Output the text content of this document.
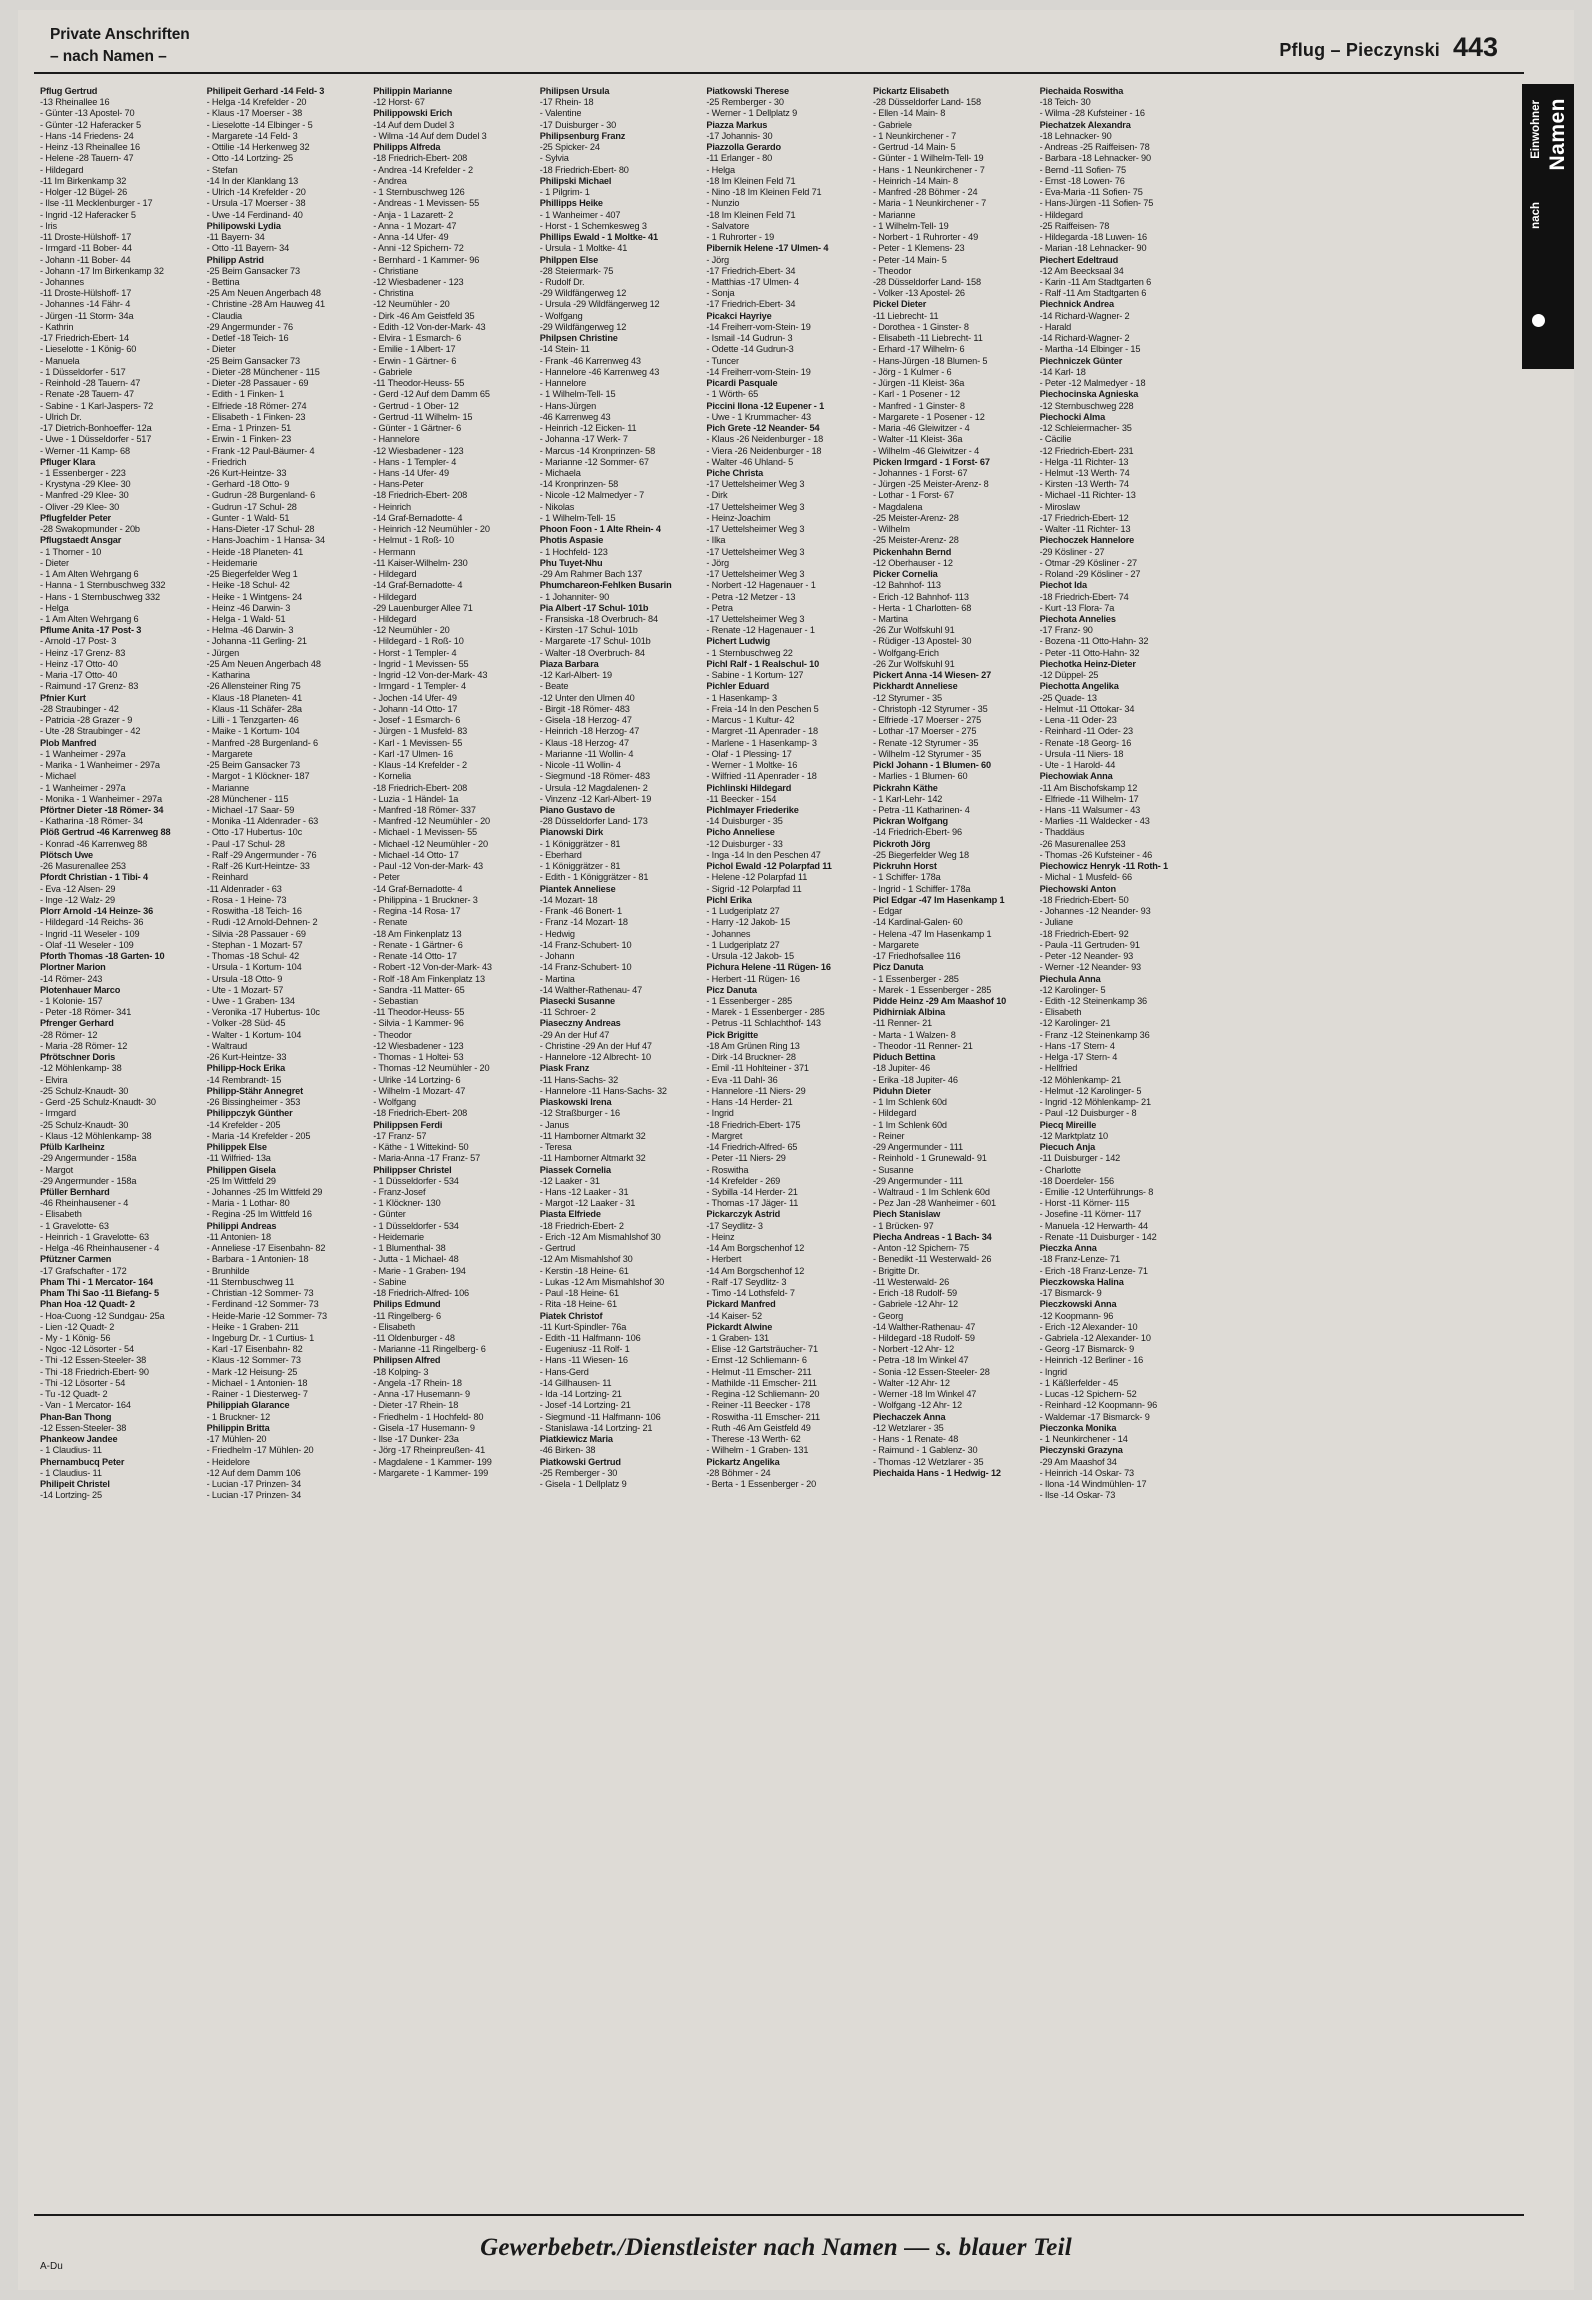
Private Anschriften
– nach Namen –	Pflug – Pieczynski 443
Einwohner
nach
Namen
Pflug Gertrud
-13 Rheinallee 16
- Günter -13 Apostel- 70
- Günter -12 Haferacker 5
- Hans -14 Friedens- 24
- Heinz -13 Rheinallee 16
- Helene -28 Tauern- 47
- Hildegard
-11 Im Birkenkamp 32
- Holger -12 Bügel- 26
- Ilse -11 Mecklenburger - 17
- Ingrid -12 Haferacker 5
- Iris
-11 Droste-Hülshoff- 17
- Irmgard -11 Bober- 44
- Johann -11 Bober- 44
- Johann -17 Im Birkenkamp 32
- Johannes
-11 Droste-Hülshoff- 17
- Johannes -14 Fähr- 4
- Jürgen -11 Storm- 34a
- Kathrin
-17 Friedrich-Ebert- 14
- Lieselotte - 1 König- 60
- Manuela
- 1 Düsseldorfer - 517
- Reinhold -28 Tauern- 47
- Renate -28 Tauern- 47
- Sabine - 1 Karl-Jaspers- 72
- Ulrich Dr.
-17 Dietrich-Bonhoeffer- 12a
- Uwe - 1 Düsseldorfer - 517
- Werner -11 Kamp- 68
Pfluger Klara
- 1 Essenberger - 223
- Krystyna -29 Klee- 30
- Manfred -29 Klee- 30
- Oliver -29 Klee- 30
Pflugfelder Peter
-28 Swakopmunder - 20b
Pflugstaedt Ansgar
- 1 Thorner - 10
- Dieter
- 1 Am Alten Wehrgang 6
- Hanna - 1 Sternbuschweg 332
- Hans - 1 Sternbuschweg 332
- Helga
- 1 Am Alten Wehrgang 6
Pflume Anita -17 Post- 3
- Arnold -17 Post- 3
- Heinz -17 Grenz- 83
- Heinz -17 Otto- 40
- Maria -17 Otto- 40
- Raimund -17 Grenz- 83
Pfnier Kurt
-28 Straubinger - 42
- Patricia -28 Grazer - 9
- Ute -28 Straubinger - 42
Plob Manfred
- 1 Wanheimer - 297a
- Marika - 1 Wanheimer - 297a
- Michael
- 1 Wanheimer - 297a
- Monika - 1 Wanheimer - 297a
Pförtner Dieter -18 Römer- 34
- Katharina -18 Römer- 34
Plöß Gertrud -46 Karrenweg 88
- Konrad -46 Karrenweg 88
Plötsch Uwe
-26 Masurenallee 253
Pfordt Christian - 1 Tibi- 4
- Eva -12 Alsen- 29
- Inge -12 Walz- 29
Plorr Arnold -14 Heinze- 36
- Hildegard -14 Reichs- 36
- Ingrid -11 Weseler - 109
- Olaf -11 Weseler - 109
Pforth Thomas -18 Garten- 10
Plortner Marion
-14 Römer- 243
Plotenhauer Marco
- 1 Kolonie- 157
- Peter -18 Römer- 341
Pfrenger Gerhard
-28 Römer- 12
- Maria -28 Römer- 12
Pfrötschner Doris
-12 Möhlenkamp- 38
- Elvira
-25 Schulz-Knaudt- 30
- Gerd -25 Schulz-Knaudt- 30
- Irmgard
-25 Schulz-Knaudt- 30
- Klaus -12 Möhlenkamp- 38
Pfülb Karlheinz
-29 Angermunder - 158a
- Margot
-29 Angermunder - 158a
Pfüller Bernhard
-46 Rheinhausener - 4
- Elisabeth
- 1 Gravelotte- 63
- Heinrich - 1 Gravelotte- 63
- Helga -46 Rheinhausener - 4
Pfützner Carmen
-17 Grafschafter - 172
Pham Thi - 1 Mercator- 164
Pham Thi Sao -11 Biefang- 5
Phan Hoa -12 Quadt- 2
- Hoa-Cuong -12 Sundgau- 25a
- Lien -12 Quadt- 2
- My - 1 König- 56
- Ngoc -12 Lösorter - 54
- Thi -12 Essen-Steeler- 38
- Thi -18 Friedrich-Ebert- 90
- Thi -12 Lösorter - 54
- Tu -12 Quadt- 2
- Van - 1 Mercator- 164
Phan-Ban Thong
-12 Essen-Steeler- 38
Phankeow Jandee
- 1 Claudius- 11
Phernambucq Peter
- 1 Claudius- 11
Philipeit Christel
-14 Lortzing- 25
Philipeit Gerhard -14 Feld- 3
- Helga -14 Krefelder - 20
- Klaus -17 Moerser - 38
- Lieselotte -14 Elbinger - 5
- Margarete -14 Feld- 3
- Ottilie -14 Herkenweg 32
- Otto -14 Lortzing- 25
- Stefan
-14 In der Klanklang 13
- Ulrich -14 Krefelder - 20
- Ursula -17 Moerser - 38
- Uwe -14 Ferdinand- 40
Philipowski Lydia
-11 Bayern- 34
- Otto -11 Bayern- 34
Philipp Astrid
-25 Beim Gansacker 73
- Bettina
-25 Am Neuen Angerbach 48
- Christine -28 Am Hauweg 41
- Claudia
-29 Angermunder - 76
- Detlef -18 Teich- 16
- Dieter
-25 Beim Gansacker 73
- Dieter -28 Münchener - 115
- Dieter -28 Passauer - 69
- Edith - 1 Finken- 1
- Elfriede -18 Römer- 274
- Elisabeth - 1 Finken- 23
- Erna - 1 Prinzen- 51
- Erwin - 1 Finken- 23
- Frank -12 Paul-Bäumer- 4
- Friedrich
-26 Kurt-Heintze- 33
- Gerhard -18 Otto- 9
- Gudrun -28 Burgenland- 6
- Gudrun -17 Schul- 28
- Gunter - 1 Wald- 51
- Hans-Dieter -17 Schul- 28
- Hans-Joachim - 1 Hansa- 34
- Heide -18 Planeten- 41
- Heidemarie
-25 Biegerfelder Weg 1
- Heike -18 Schul- 42
- Heike - 1 Wintgens- 24
- Heinz -46 Darwin- 3
- Helga - 1 Wald- 51
- Helma -46 Darwin- 3
- Johanna -11 Gerling- 21
- Jürgen
-25 Am Neuen Angerbach 48
- Katharina
-26 Allensteiner Ring 75
- Klaus -18 Planeten- 41
- Klaus -11 Schäfer- 28a
- Lilli - 1 Tenzgarten- 46
- Maike - 1 Kortum- 104
- Manfred -28 Burgenland- 6
- Margarete
-25 Beim Gansacker 73
- Margot - 1 Klöckner- 187
- Marianne
-28 Münchener - 115
- Michael -17 Saar- 59
- Monika -11 Aldenrader - 63
- Otto -17 Hubertus- 10c
- Paul -17 Schul- 28
- Ralf -29 Angermunder - 76
- Ralf -26 Kurt-Heintze- 33
- Reinhard
-11 Aldenrader - 63
- Rosa - 1 Heine- 73
- Roswitha -18 Teich- 16
- Rudi -12 Arnold-Dehnen- 2
- Silvia -28 Passauer - 69
- Stephan - 1 Mozart- 57
- Thomas -18 Schul- 42
- Ursula - 1 Kortum- 104
- Ursula -18 Otto- 9
- Ute - 1 Mozart- 57
- Uwe - 1 Graben- 134
- Veronika -17 Hubertus- 10c
- Volker -28 Süd- 45
- Walter - 1 Kortum- 104
- Waltraud
-26 Kurt-Heintze- 33
Philipp-Hock Erika
-14 Rembrandt- 15
Philipp-Stähr Annegret
-26 Bissingheimer - 353
Philippczyk Günther
-14 Krefelder - 205
- Maria -14 Krefelder - 205
Philippek Else
-11 Wilfried- 13a
Philippen Gisela
-25 Im Wittfeld 29
- Johannes -25 Im Wittfeld 29
- Maria - 1 Lothar- 80
- Regina -25 Im Wittfeld 16
Philippi Andreas
-11 Antonien- 18
- Anneliese -17 Eisenbahn- 82
- Barbara - 1 Antonien- 18
- Brunhilde
-11 Sternbuschweg 11
- Christian -12 Sommer- 73
- Ferdinand -12 Sommer- 73
- Heide-Marie -12 Sommer- 73
- Heike - 1 Graben- 211
- Ingeburg Dr. - 1 Curtius- 1
- Karl -17 Eisenbahn- 82
- Klaus -12 Sommer- 73
- Mark -12 Heisung- 25
- Michael - 1 Antonien- 18
- Rainer - 1 Diesterweg- 7
Philippiah Glarance
- 1 Bruckner- 12
Philippin Britta
-17 Mühlen- 20
- Friedhelm -17 Mühlen- 20
- Heidelore
-12 Auf dem Damm 106
- Lucian -17 Prinzen- 34
- Lucian -17 Prinzen- 34
Philippin Marianne
-12 Horst- 67
Philippowski Erich
-14 Auf dem Dudel 3
- Wilma -14 Auf dem Dudel 3
Philipps Alfreda
-18 Friedrich-Ebert- 208
- Andrea -14 Krefelder - 2
- Andrea
- 1 Sternbuschweg 126
- Andreas - 1 Mevissen- 55
- Anja - 1 Lazarett- 2
- Anna - 1 Mozart- 47
- Anna -14 Ufer- 49
- Anni -12 Spichern- 72
- Bernhard - 1 Kammer- 96
- Christiane
-12 Wiesbadener - 123
- Christina
-12 Neumühler - 20
- Dirk -46 Am Geistfeld 35
- Edith -12 Von-der-Mark- 43
- Elvira - 1 Esmarch- 6
- Emilie - 1 Albert- 17
- Erwin - 1 Gärtner- 6
- Gabriele
-11 Theodor-Heuss- 55
- Gerd -12 Auf dem Damm 65
- Gertrud - 1 Ober- 12
- Gertrud -11 Wilhelm- 15
- Günter - 1 Gärtner- 6
- Hannelore
-12 Wiesbadener - 123
- Hans - 1 Templer- 4
- Hans -14 Ufer- 49
- Hans-Peter
-18 Friedrich-Ebert- 208
- Heinrich
-14 Graf-Bernadotte- 4
- Heinrich -12 Neumühler - 20
- Helmut - 1 Roß- 10
- Hermann
-11 Kaiser-Wilhelm- 230
- Hildegard
-14 Graf-Bernadotte- 4
- Hildegard
-29 Lauenburger Allee 71
- Hildegard
-12 Neumühler - 20
- Hildegard - 1 Roß- 10
- Horst - 1 Templer- 4
- Ingrid - 1 Mevissen- 55
- Ingrid -12 Von-der-Mark- 43
- Irmgard - 1 Templer- 4
- Jochen -14 Ufer- 49
- Johann -14 Otto- 17
- Josef - 1 Esmarch- 6
- Jürgen - 1 Musfeld- 83
- Karl - 1 Mevissen- 55
- Karl -17 Ulmen- 16
- Klaus -14 Krefelder - 2
- Kornelia
-18 Friedrich-Ebert- 208
- Luzia - 1 Händel- 1a
- Manfred -18 Römer- 337
- Manfred -12 Neumühler - 20
- Michael - 1 Mevissen- 55
- Michael -12 Neumühler - 20
- Michael -14 Otto- 17
- Paul -12 Von-der-Mark- 43
- Peter
-14 Graf-Bernadotte- 4
- Philippina - 1 Bruckner- 3
- Regina -14 Rosa- 17
- Renate
-18 Am Finkenplatz 13
- Renate - 1 Gärtner- 6
- Renate -14 Otto- 17
- Robert -12 Von-der-Mark- 43
- Rolf -18 Am Finkenplatz 13
- Sandra -11 Matter- 65
- Sebastian
-11 Theodor-Heuss- 55
- Silvia - 1 Kammer- 96
- Theodor
-12 Wiesbadener - 123
- Thomas - 1 Holtei- 53
- Thomas -12 Neumühler - 20
- Ulrike -14 Lortzing- 6
- Wilhelm -1 Mozart- 47
- Wolfgang
-18 Friedrich-Ebert- 208
Philippsen Ferdi
-17 Franz- 57
- Käthe - 1 Wittekind- 50
- Maria-Anna -17 Franz- 57
Philippser Christel
- 1 Düsseldorfer - 534
- Franz-Josef
- 1 Klöckner- 130
- Günter
- 1 Düsseldorfer - 534
- Heidemarie
- 1 Blumenthal- 38
- Jutta - 1 Michael- 48
- Marie - 1 Graben- 194
- Sabine
-18 Friedrich-Alfred- 106
Philips Edmund
-11 Ringelberg- 6
- Elisabeth
-11 Oldenburger - 48
- Marianne -11 Ringelberg- 6
Philipsen Alfred
-18 Kolping- 3
- Angela -17 Rhein- 18
- Anna -17 Husemann- 9
- Dieter -17 Rhein- 18
- Friedhelm - 1 Hochfeld- 80
- Gisela -17 Husemann- 9
- Ilse -17 Dunker- 23a
- Jörg -17 Rheinpreußen- 41
- Magdalene - 1 Kammer- 199
- Margarete - 1 Kammer- 199
Philipsen Ursula
-17 Rhein- 18
- Valentine
-17 Duisburger - 30
Philipsenburg Franz
-25 Spicker- 24
- Sylvia
-18 Friedrich-Ebert- 80
Philipski Michael
- 1 Pilgrim- 1
Phillipps Heike
- 1 Wanheimer - 407
- Horst - 1 Schemkesweg 3
Phillips Ewald - 1 Moltke- 41
- Ursula - 1 Moltke- 41
Philppen Else
-28 Steiermark- 75
- Rudolf Dr.
-29 Wildfängerweg 12
- Ursula -29 Wildfängerweg 12
- Wolfgang
-29 Wildfängerweg 12
Philpsen Christine
-14 Stein- 11
- Frank -46 Karrenweg 43
- Hannelore -46 Karrenweg 43
- Hannelore
- 1 Wilhelm-Tell- 15
- Hans-Jürgen
-46 Karrenweg 43
- Heinrich -12 Eicken- 11
- Johanna -17 Werk- 7
- Marcus -14 Kronprinzen- 58
- Marianne -12 Sommer- 67
- Michaela
-14 Kronprinzen- 58
- Nicole -12 Malmedyer - 7
- Nikolas
- 1 Wilhelm-Tell- 15
Phoon Foon - 1 Alte Rhein- 4
Photis Aspasie
- 1 Hochfeld- 123
Phu Tuyet-Nhu
-29 Am Rahmer Bach 137
Phumchareon-Fehlken Busarin
- 1 Johanniter- 90
Pia Albert -17 Schul- 101b
- Fransiska -18 Overbruch- 84
- Kirsten -17 Schul- 101b
- Margarete -17 Schul- 101b
- Walter -18 Overbruch- 84
Piaza Barbara
-12 Karl-Albert- 19
- Beate
-12 Unter den Ulmen 40
- Birgit -18 Römer- 483
- Gisela -18 Herzog- 47
- Heinrich -18 Herzog- 47
- Klaus -18 Herzog- 47
- Marianne -11 Wollin- 4
- Nicole -11 Wollin- 4
- Siegmund -18 Römer- 483
- Ursula -12 Magdalenen- 2
- Vinzenz -12 Karl-Albert- 19
Piano Gustavo de
-28 Düsseldorfer Land- 173
Pianowski Dirk
- 1 Königgrätzer - 81
- Eberhard
- 1 Königgrätzer - 81
- Edith - 1 Königgrätzer - 81
Piantek Anneliese
-14 Mozart- 18
- Frank -46 Bonert- 1
- Franz -14 Mozart- 18
- Hedwig
-14 Franz-Schubert- 10
- Johann
-14 Franz-Schubert- 10
- Martina
-14 Walther-Rathenau- 47
Piasecki Susanne
-11 Schroer- 2
Piaseczny Andreas
-29 An der Huf 47
- Christine -29 An der Huf 47
- Hannelore -12 Albrecht- 10
Piask Franz
-11 Hans-Sachs- 32
- Hannelore -11 Hans-Sachs- 32
Piaskowski Irena
-12 Straßburger - 16
- Janus
-11 Hamborner Altmarkt 32
- Teresa
-11 Hamborner Altmarkt 32
Piassek Cornelia
-12 Laaker - 31
- Hans -12 Laaker - 31
- Margot -12 Laaker - 31
Piasta Elfriede
-18 Friedrich-Ebert- 2
- Erich -12 Am Mismahlshof 30
- Gertrud
-12 Am Mismahlshof 30
- Kerstin -18 Heine- 61
- Lukas -12 Am Mismahlshof 30
- Paul -18 Heine- 61
- Rita -18 Heine- 61
Piatek Christof
-11 Kurt-Spindler- 76a
- Edith -11 Halfmann- 106
- Eugeniusz -11 Rolf- 1
- Hans -11 Wiesen- 16
- Hans-Gerd
-14 Gillhausen- 11
- Ida -14 Lortzing- 21
- Josef -14 Lortzing- 21
- Siegmund -11 Halfmann- 106
- Stanislawa -14 Lortzing- 21
Piatkiewicz Maria
-46 Birken- 38
Piatkowski Gertrud
-25 Remberger - 30
- Gisela - 1 Dellplatz 9
Piatkowski Therese
-25 Remberger - 30
- Werner - 1 Dellplatz 9
Piazza Markus
-17 Johannis- 30
Piazzolla Gerardo
-11 Erlanger - 80
- Helga
-18 Im Kleinen Feld 71
- Nino -18 Im Kleinen Feld 71
- Nunzio
-18 Im Kleinen Feld 71
- Salvatore
- 1 Ruhrorter - 19
Pibernik Helene -17 Ulmen- 4
- Jörg
-17 Friedrich-Ebert- 34
- Matthias -17 Ulmen- 4
- Sonja
-17 Friedrich-Ebert- 34
Picakci Hayriye
-14 Freiherr-vom-Stein- 19
- Ismail -14 Gudrun- 3
- Odette -14 Gudrun-3
- Tuncer
-14 Freiherr-vom-Stein- 19
Picardi Pasquale
- 1 Wörth- 65
Piccini Ilona -12 Eupener - 1
- Uwe - 1 Krummacher- 43
Pich Grete -12 Neander- 54
- Klaus -26 Neidenburger - 18
- Viera -26 Neidenburger - 18
- Walter -46 Uhland- 5
Piche Christa
-17 Uettelsheimer Weg 3
- Dirk
-17 Uettelsheimer Weg 3
- Heinz-Joachim
-17 Uettelsheimer Weg 3
- Ilka
-17 Uettelsheimer Weg 3
- Jörg
-17 Uettelsheimer Weg 3
- Norbert -12 Hagenauer - 1
- Petra -12 Metzer - 13
- Petra
-17 Uettelsheimer Weg 3
- Renate -12 Hagenauer - 1
Pichert Ludwig
- 1 Sternbuschweg 22
Pichl Ralf - 1 Realschul- 10
- Sabine - 1 Kortum- 127
Pichler Eduard
- 1 Hasenkamp- 3
- Freia -14 In den Peschen 5
- Marcus - 1 Kultur- 42
- Margret -11 Apenrader - 18
- Marlene - 1 Hasenkamp- 3
- Olaf - 1 Plessing- 17
- Werner - 1 Moltke- 16
- Wilfried -11 Apenrader - 18
Pichlinski Hildegard
-11 Beecker - 154
Pichlmayer Friederike
-14 Duisburger - 35
Picho Anneliese
-12 Duisburger - 33
- Inga -14 In den Peschen 47
Pichol Ewald -12 Polarpfad 11
- Helene -12 Polarpfad 11
- Sigrid -12 Polarpfad 11
Pichl Erika
- 1 Ludgeriplatz 27
- Harry -12 Jakob- 15
- Johannes
- 1 Ludgeriplatz 27
- Ursula -12 Jakob- 15
Pichura Helene -11 Rügen- 16
- Herbert -11 Rügen- 16
Picz Danuta
- 1 Essenberger - 285
- Marek - 1 Essenberger - 285
- Petrus -11 Schlachthof- 143
Pick Brigitte
-18 Am Grünen Ring 13
- Dirk -14 Bruckner- 28
- Emil -11 Hohlteiner - 371
- Eva -11 Dahl- 36
- Hannelore -11 Niers- 29
- Hans -14 Herder- 21
- Ingrid
-18 Friedrich-Ebert- 175
- Margret
-14 Friedrich-Alfred- 65
- Peter -11 Niers- 29
- Roswitha
-14 Krefelder - 269
- Sybilla -14 Herder- 21
- Thomas -17 Jäger- 11
Pickarczyk Astrid
-17 Seydlitz- 3
- Heinz
-14 Am Borgschenhof 12
- Herbert
-14 Am Borgschenhof 12
- Ralf -17 Seydlitz- 3
- Timo -14 Lothsfeld- 7
Pickard Manfred
-14 Kaiser- 52
Pickardt Alwine
- 1 Graben- 131
- Elise -12 Gartsträucher- 71
- Ernst -12 Schliemann- 6
- Helmut -11 Emscher- 211
- Mathilde -11 Emscher- 211
- Regina -12 Schliemann- 20
- Reiner -11 Beecker - 178
- Roswitha -11 Emscher- 211
- Ruth -46 Am Geistfeld 49
- Therese -13 Werth- 62
- Wilhelm - 1 Graben- 131
Pickartz Angelika
-28 Böhmer - 24
- Berta - 1 Essenberger - 20
Pickartz Elisabeth
-28 Düsseldorfer Land- 158
- Ellen -14 Main- 8
- Gabriele
- 1 Neunkirchener - 7
- Gertrud -14 Main- 5
- Günter - 1 Wilhelm-Tell- 19
- Hans - 1 Neunkirchener - 7
- Heinrich -14 Main- 8
- Manfred -28 Böhmer - 24
- Maria - 1 Neunkirchener - 7
- Marianne
- 1 Wilhelm-Tell- 19
- Norbert - 1 Ruhrorter - 49
- Peter - 1 Klemens- 23
- Peter -14 Main- 5
- Theodor
-28 Düsseldorfer Land- 158
- Volker -13 Apostel- 26
Pickel Dieter
-11 Liebrecht- 11
- Dorothea - 1 Ginster- 8
- Elisabeth -11 Liebrecht- 11
- Erhard -17 Wilhelm- 6
- Hans-Jürgen -18 Blumen- 5
- Jörg - 1 Kulmer - 6
- Jürgen -11 Kleist- 36a
- Karl - 1 Posener - 12
- Manfred - 1 Ginster- 8
- Margarete - 1 Posener - 12
- Maria -46 Gleiwitzer - 4
- Walter -11 Kleist- 36a
- Wilhelm -46 Gleiwitzer - 4
Picken Irmgard - 1 Forst- 67
- Johannes - 1 Forst- 67
- Jürgen -25 Meister-Arenz- 8
- Lothar - 1 Forst- 67
- Magdalena
-25 Meister-Arenz- 28
- Wilhelm
-25 Meister-Arenz- 28
Pickenhahn Bernd
-12 Oberhauser - 12
Picker Cornelia
-12 Bahnhof- 113
- Erich -12 Bahnhof- 113
- Herta - 1 Charlotten- 68
- Martina
-26 Zur Wolfskuhl 91
- Rüdiger -13 Apostel- 30
- Wolfgang-Erich
-26 Zur Wolfskuhl 91
Pickert Anna -14 Wiesen- 27
Pickhardt Anneliese
-12 Styrumer - 35
- Christoph -12 Styrumer - 35
- Elfriede -17 Moerser - 275
- Lothar -17 Moerser - 275
- Renate -12 Styrumer - 35
- Wilhelm -12 Styrumer - 35
Pickl Johann - 1 Blumen- 60
- Marlies - 1 Blumen- 60
Pickrahn Käthe
- 1 Karl-Lehr- 142
- Petra -11 Katharinen- 4
Pickran Wolfgang
-14 Friedrich-Ebert- 96
Pickroth Jörg
-25 Biegerfelder Weg 18
Pickruhn Horst
- 1 Schiffer- 178a
- Ingrid - 1 Schiffer- 178a
Picl Edgar -47 Im Hasenkamp 1
- Edgar
-14 Kardinal-Galen- 60
- Helena -47 Im Hasenkamp 1
- Margarete
-17 Friedhofsallee 116
Picz Danuta
- 1 Essenberger - 285
- Marek - 1 Essenberger - 285
Pidde Heinz -29 Am Maashof 10
Pidhirniak Albina
-11 Renner- 21
- Marta - 1 Walzen- 8
- Theodor -11 Renner- 21
Piduch Bettina
-18 Jupiter- 46
- Erika -18 Jupiter- 46
Piduhn Dieter
- 1 Im Schlenk 60d
- Hildegard
- 1 Im Schlenk 60d
- Reiner
-29 Angermunder - 111
- Reinhold - 1 Grunewald- 91
- Susanne
-29 Angermunder - 111
- Waltraud - 1 Im Schlenk 60d
- Pez Jan -28 Wanheimer - 601
Piech Stanislaw
- 1 Brücken- 97
Piecha Andreas - 1 Bach- 34
- Anton -12 Spichern- 75
- Benedikt -11 Westerwald- 26
- Brigitte Dr.
-11 Westerwald- 26
- Erich -18 Rudolf- 59
- Gabriele -12 Ahr- 12
- Georg
-14 Walther-Rathenau- 47
- Hildegard -18 Rudolf- 59
- Norbert -12 Ahr- 12
- Petra -18 Im Winkel 47
- Sonia -12 Essen-Steeler- 28
- Walter -12 Ahr- 12
- Werner -18 Im Winkel 47
- Wolfgang -12 Ahr- 12
Piechaczek Anna
-12 Wetzlarer - 35
- Hans - 1 Renate- 48
- Raimund - 1 Gablenz- 30
- Thomas -12 Wetzlarer - 35
Piechaida Hans - 1 Hedwig- 12
Piechaida Roswitha
-18 Teich- 30
- Wilma -28 Kufsteiner - 16
Piechatzek Alexandra
-18 Lehnacker- 90
- Andreas -25 Raiffeisen- 78
- Barbara -18 Lehnacker- 90
- Bernd -11 Sofien- 75
- Ernst -18 Lowen- 76
- Eva-Maria -11 Sofien- 75
- Hans-Jürgen -11 Sofien- 75
- Hildegard
-25 Raiffeisen- 78
- Hildegarda -18 Luwen- 16
- Marian -18 Lehnacker- 90
Piechert Edeltraud
-12 Am Beecksaal 34
- Karin -11 Am Stadtgarten 6
- Ralf -11 Am Stadtgarten 6
Piechnick Andrea
-14 Richard-Wagner- 2
- Harald
-14 Richard-Wagner- 2
- Martha -14 Elbinger - 15
Piechniczek Günter
-14 Karl- 18
- Peter -12 Malmedyer - 18
Piechocinska Agnieska
-12 Sternbuschweg 228
Piechocki Alma
-12 Schleiermacher- 35
- Cäcilie
-12 Friedrich-Ebert- 231
- Helga -11 Richter- 13
- Helmut -13 Werth- 74
- Kirsten -13 Werth- 74
- Michael -11 Richter- 13
- Miroslaw
-17 Friedrich-Ebert- 12
- Walter -11 Richter- 13
Piechoczek Hannelore
-29 Kösliner - 27
- Otmar -29 Kösliner - 27
- Roland -29 Kösliner - 27
Piechot Ida
-18 Friedrich-Ebert- 74
- Kurt -13 Flora- 7a
Piechota Annelies
-17 Franz- 90
- Bozena -11 Otto-Hahn- 32
- Peter -11 Otto-Hahn- 32
Piechotka Heinz-Dieter
-12 Düppel- 25
Piechotta Angelika
-25 Quade- 13
- Helmut -11 Ottokar- 34
- Lena -11 Oder- 23
- Reinhard -11 Oder- 23
- Renate -18 Georg- 16
- Ursula -11 Niers- 18
- Ute - 1 Harold- 44
Piechowiak Anna
-11 Am Bischofskamp 12
- Elfriede -11 Wilhelm- 17
- Hans -11 Walsumer - 43
- Marlies -11 Waldecker - 43
- Thaddäus
-26 Masurenallee 253
- Thomas -26 Kufsteiner - 46
Piechowicz Henryk -11 Roth- 1
- Michal - 1 Musfeld- 66
Piechowski Anton
-18 Friedrich-Ebert- 50
- Johannes -12 Neander- 93
- Juliane
-18 Friedrich-Ebert- 92
- Paula -11 Gertruden- 91
- Peter -12 Neander- 93
- Werner -12 Neander- 93
Piechula Anna
-12 Karolinger- 5
- Edith -12 Steinenkamp 36
- Elisabeth
-12 Karolinger- 21
- Franz -12 Steinenkamp 36
- Hans -17 Stern- 4
- Helga -17 Stern- 4
- Hellfried
-12 Möhlenkamp- 21
- Helmut -12 Karolinger- 5
- Ingrid -12 Möhlenkamp- 21
- Paul -12 Duisburger - 8
Piecq Mireille
-12 Marktplatz 10
Piecuch Anja
-11 Duisburger - 142
- Charlotte
-18 Doerdeler- 156
- Emilie -12 Unterführungs- 8
- Horst -11 Körner- 115
- Josefine -11 Körner- 117
- Manuela -12 Herwarth- 44
- Renate -11 Duisburger - 142
Pieczka Anna
-18 Franz-Lenze- 71
- Erich -18 Franz-Lenze- 71
Pieczkowska Halina
-17 Bismarck- 9
Pieczkowski Anna
-12 Koopmann- 96
- Erich -12 Alexander- 10
- Gabriela -12 Alexander- 10
- Georg -17 Bismarck- 9
- Heinrich -12 Berliner - 16
- Ingrid
- 1 Käßlerfelder - 45
- Lucas -12 Spichern- 52
- Reinhard -12 Koopmann- 96
- Waldemar -17 Bismarck- 9
Pieczonka Monika
- 1 Neunkirchener - 14
Pieczynski Grazyna
-29 Am Maashof 34
- Heinrich -14 Oskar- 73
- Ilona -14 Windmühlen- 17
- Ilse -14 Oskar- 73
Gewerbebetr./Dienstleister nach Namen — s. blauer Teil
A-Du
